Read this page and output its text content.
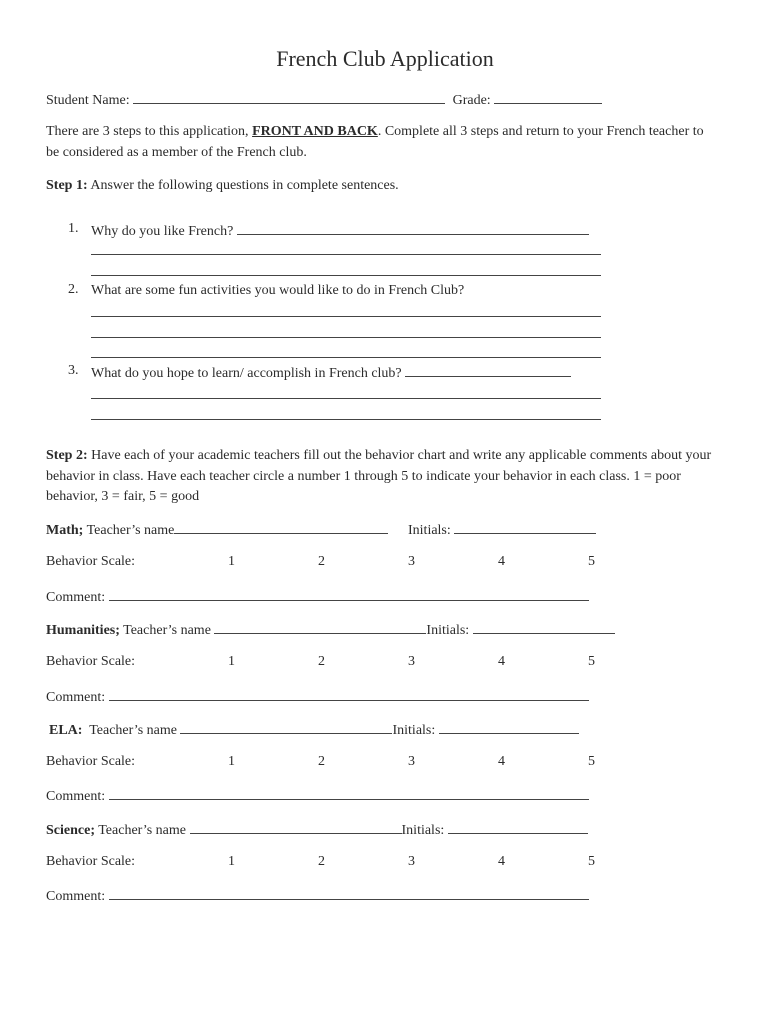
French Club Application
Student Name:	Grade:
There are 3 steps to this application, FRONT AND BACK. Complete all 3 steps and return to your French teacher to be considered as a member of the French club.
Step 1: Answer the following questions in complete sentences.
1. Why do you like French?
2. What are some fun activities you would like to do in French Club?
3. What do you hope to learn/ accomplish in French club?
Step 2: Have each of your academic teachers fill out the behavior chart and write any applicable comments about your behavior in class. Have each teacher circle a number 1 through 5 to indicate your behavior in each class. 1 = poor behavior, 3 = fair, 5 = good
Math; Teacher’s name	Initials:
Behavior Scale:	1	2	3	4	5
Comment:
Humanities; Teacher’s name	Initials:
Behavior Scale:	1	2	3	4	5
Comment:
ELA: Teacher’s name	Initials:
Behavior Scale:	1	2	3	4	5
Comment:
Science; Teacher’s name	Initials:
Behavior Scale:	1	2	3	4	5
Comment:
